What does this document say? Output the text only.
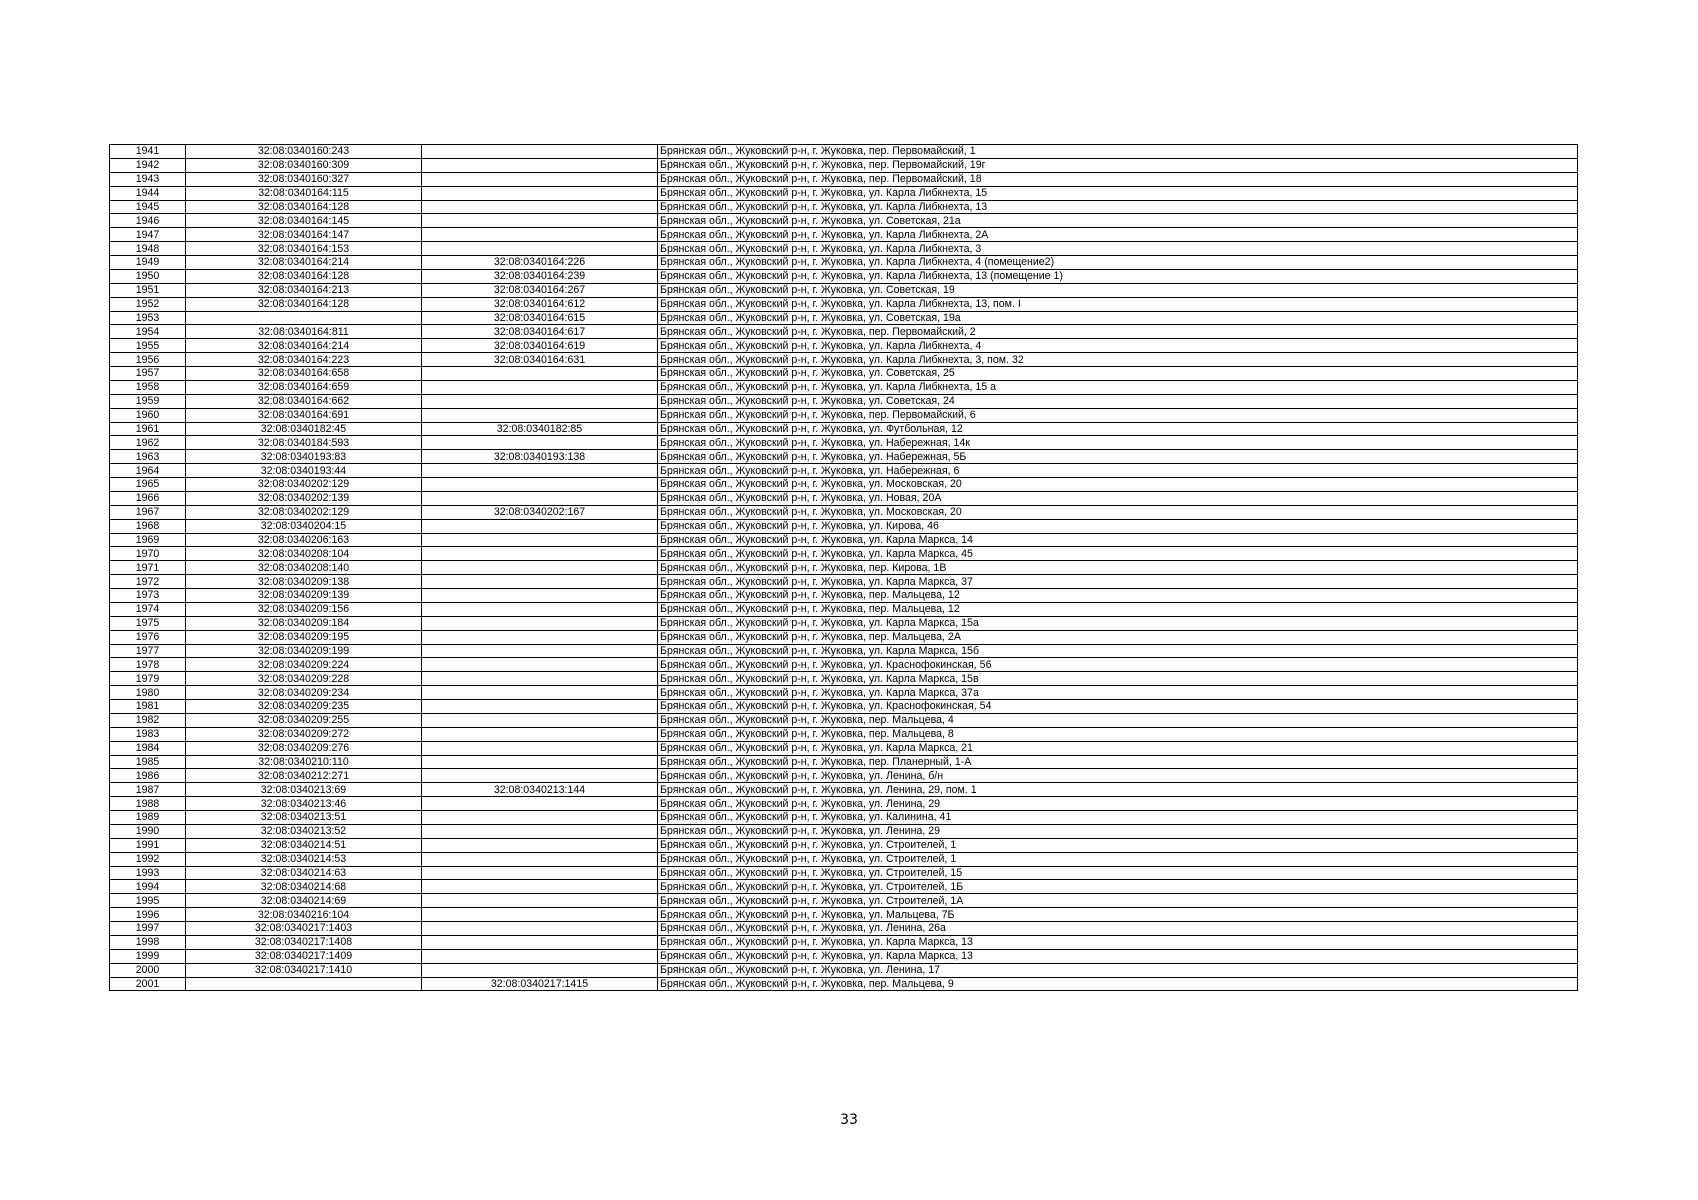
1941	32:08:0340160:243		Брянская обл., Жуковский р-н, г. Жуковка, пер. Первомайский, 1
1942	32:08:0340160:309		Брянская обл., Жуковский р-н, г. Жуковка, пер. Первомайский, 19г
1943	32:08:0340160:327		Брянская обл., Жуковский р-н, г. Жуковка, пер. Первомайский, 18
1944	32:08:0340164:115		Брянская обл., Жуковский р-н, г. Жуковка, ул. Карла Либкнехта, 15
1945	32:08:0340164:128		Брянская обл., Жуковский р-н, г. Жуковка, ул. Карла Либкнехта, 13
1946	32:08:0340164:145		Брянская обл., Жуковский р-н, г. Жуковка, ул. Советская, 21а
1947	32:08:0340164:147		Брянская обл., Жуковский р-н, г. Жуковка, ул. Карла Либкнехта, 2А
1948	32:08:0340164:153		Брянская обл., Жуковский р-н, г. Жуковка, ул. Карла Либкнехта, 3
1949	32:08:0340164:214	32:08:0340164:226	Брянская обл., Жуковский р-н, г. Жуковка, ул. Карла Либкнехта, 4 (помещение2)
1950	32:08:0340164:128	32:08:0340164:239	Брянская обл., Жуковский р-н, г. Жуковка, ул. Карла Либкнехта, 13 (помещение 1)
1951	32:08:0340164:213	32:08:0340164:267	Брянская обл., Жуковский р-н, г. Жуковка, ул. Советская, 19
1952	32:08:0340164:128	32:08:0340164:612	Брянская обл., Жуковский р-н, г. Жуковка, ул. Карла Либкнехта, 13, пом. I
1953		32:08:0340164:615	Брянская обл., Жуковский р-н, г. Жуковка, ул. Советская, 19а
1954	32:08:0340164:811	32:08:0340164:617	Брянская обл., Жуковский р-н, г. Жуковка, пер. Первомайский, 2
1955	32:08:0340164:214	32:08:0340164:619	Брянская обл., Жуковский р-н, г. Жуковка, ул. Карла Либкнехта, 4
1956	32:08:0340164:223	32:08:0340164:631	Брянская обл., Жуковский р-н, г. Жуковка, ул. Карла Либкнехта, 3, пом. 32
1957	32:08:0340164:658		Брянская обл., Жуковский р-н, г. Жуковка, ул. Советская, 25
1958	32:08:0340164:659		Брянская обл., Жуковский р-н, г. Жуковка, ул. Карла Либкнехта, 15 а
1959	32:08:0340164:662		Брянская обл., Жуковский р-н, г. Жуковка, ул. Советская, 24
1960	32:08:0340164:691		Брянская обл., Жуковский р-н, г. Жуковка, пер. Первомайский, 6
1961	32:08:0340182:45	32:08:0340182:85	Брянская обл., Жуковский р-н, г. Жуковка, ул. Футбольная, 12
1962	32:08:0340184:593		Брянская обл., Жуковский р-н, г. Жуковка, ул. Набережная, 14к
1963	32:08:0340193:83	32:08:0340193:138	Брянская обл., Жуковский р-н, г. Жуковка, ул. Набережная, 5Б
1964	32:08:0340193:44		Брянская обл., Жуковский р-н, г. Жуковка, ул. Набережная, 6
1965	32:08:0340202:129		Брянская обл., Жуковский р-н, г. Жуковка, ул. Московская, 20
1966	32:08:0340202:139		Брянская обл., Жуковский р-н, г. Жуковка, ул. Новая, 20А
1967	32:08:0340202:129	32:08:0340202:167	Брянская обл., Жуковский р-н, г. Жуковка, ул. Московская, 20
1968	32:08:0340204:15		Брянская обл., Жуковский р-н, г. Жуковка, ул. Кирова, 46
1969	32:08:0340206:163		Брянская обл., Жуковский р-н, г. Жуковка, ул. Карла Маркса, 14
1970	32:08:0340208:104		Брянская обл., Жуковский р-н, г. Жуковка, ул. Карла Маркса, 45
1971	32:08:0340208:140		Брянская обл., Жуковский р-н, г. Жуковка, пер. Кирова, 1В
1972	32:08:0340209:138		Брянская обл., Жуковский р-н, г. Жуковка, ул. Карла Маркса, 37
1973	32:08:0340209:139		Брянская обл., Жуковский р-н, г. Жуковка, пер. Мальцева, 12
1974	32:08:0340209:156		Брянская обл., Жуковский р-н, г. Жуковка, пер. Мальцева, 12
1975	32:08:0340209:184		Брянская обл., Жуковский р-н, г. Жуковка, ул. Карла Маркса, 15а
1976	32:08:0340209:195		Брянская обл., Жуковский р-н, г. Жуковка, пер. Мальцева, 2А
1977	32:08:0340209:199		Брянская обл., Жуковский р-н, г. Жуковка, ул. Карла Маркса, 15б
1978	32:08:0340209:224		Брянская обл., Жуковский р-н, г. Жуковка, ул. Краснофокинская, 56
1979	32:08:0340209:228		Брянская обл., Жуковский р-н, г. Жуковка, ул. Карла Маркса, 15в
1980	32:08:0340209:234		Брянская обл., Жуковский р-н, г. Жуковка, ул. Карла Маркса, 37а
1981	32:08:0340209:235		Брянская обл., Жуковский р-н, г. Жуковка, ул. Краснофокинская, 54
1982	32:08:0340209:255		Брянская обл., Жуковский р-н, г. Жуковка, пер. Мальцева, 4
1983	32:08:0340209:272		Брянская обл., Жуковский р-н, г. Жуковка, пер. Мальцева, 8
1984	32:08:0340209:276		Брянская обл., Жуковский р-н, г. Жуковка, ул. Карла Маркса, 21
1985	32:08:0340210:110		Брянская обл., Жуковский р-н, г. Жуковка, пер. Планерный, 1-А
1986	32:08:0340212:271		Брянская обл., Жуковский р-н, г. Жуковка, ул. Ленина, б/н
1987	32:08:0340213:69	32:08:0340213:144	Брянская обл., Жуковский р-н, г. Жуковка, ул. Ленина, 29, пом. 1
1988	32:08:0340213:46		Брянская обл., Жуковский р-н, г. Жуковка, ул. Ленина, 29
1989	32:08:0340213:51		Брянская обл., Жуковский р-н, г. Жуковка, ул. Калинина, 41
1990	32:08:0340213:52		Брянская обл., Жуковский р-н, г. Жуковка, ул. Ленина, 29
1991	32:08:0340214:51		Брянская обл., Жуковский р-н, г. Жуковка, ул. Строителей, 1
1992	32:08:0340214:53		Брянская обл., Жуковский р-н, г. Жуковка, ул. Строителей, 1
1993	32:08:0340214:63		Брянская обл., Жуковский р-н, г. Жуковка, ул. Строителей, 15
1994	32:08:0340214:68		Брянская обл., Жуковский р-н, г. Жуковка, ул. Строителей, 1Б
1995	32:08:0340214:69		Брянская обл., Жуковский р-н, г. Жуковка, ул. Строителей, 1А
1996	32:08:0340216:104		Брянская обл., Жуковский р-н, г. Жуковка, ул. Мальцева, 7Б
1997	32:08:0340217:1403		Брянская обл., Жуковский р-н, г. Жуковка, ул. Ленина, 26а
1998	32:08:0340217:1408		Брянская обл., Жуковский р-н, г. Жуковка, ул. Карла Маркса, 13
1999	32:08:0340217:1409		Брянская обл., Жуковский р-н, г. Жуковка, ул. Карла Маркса, 13
2000	32:08:0340217:1410		Брянская обл., Жуковский р-н, г. Жуковка, ул. Ленина, 17
2001		32:08:0340217:1415	Брянская обл., Жуковский р-н, г. Жуковка, пер. Мальцева, 9
33
